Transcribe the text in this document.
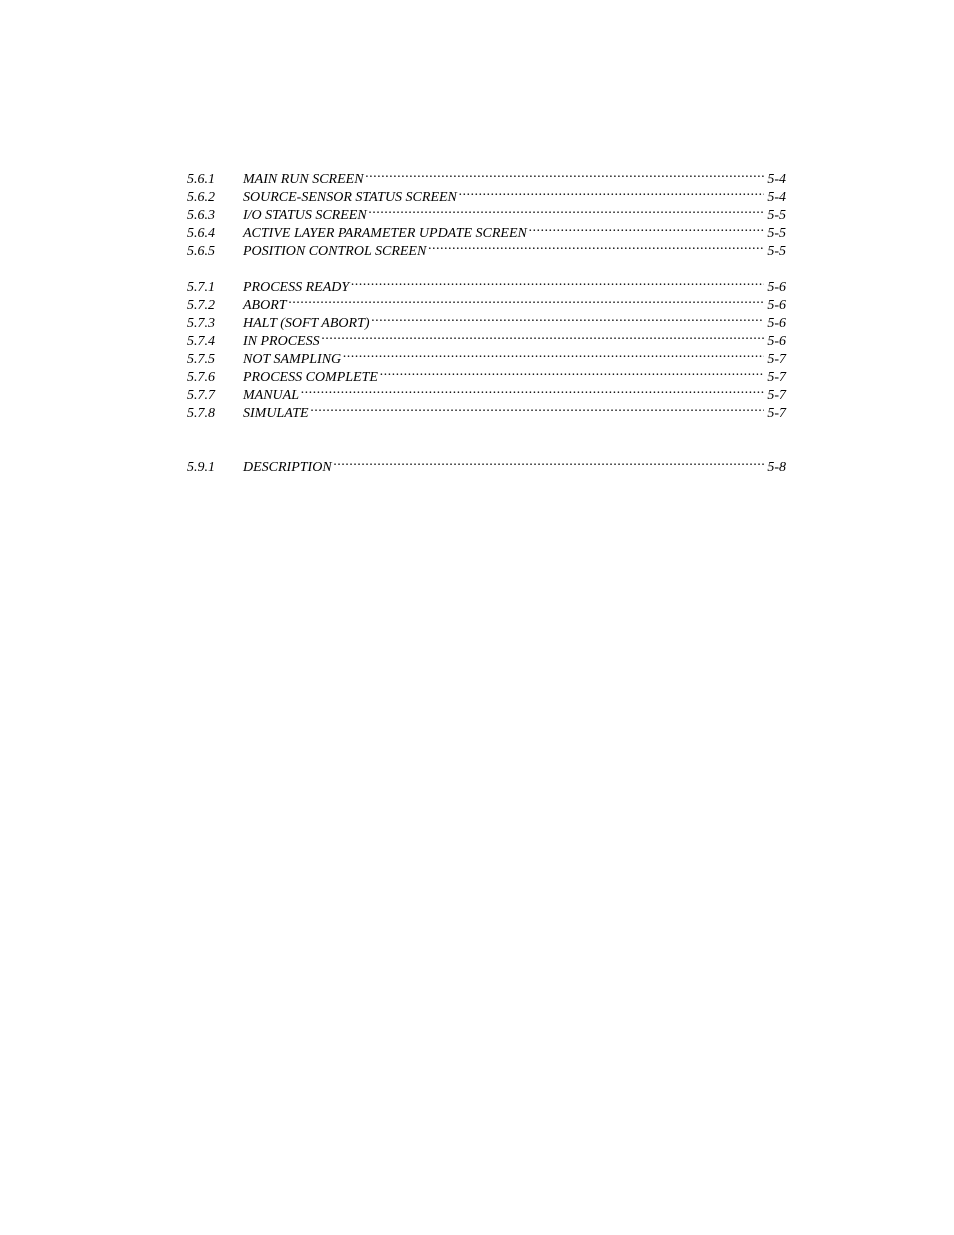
5.6.1	MAIN RUN SCREEN .....	5-4
5.6.2	SOURCE-SENSOR STATUS SCREEN .....	5-4
5.6.3	I/O STATUS SCREEN .....	5-5
5.6.4	ACTIVE LAYER PARAMETER UPDATE SCREEN .....	5-5
5.6.5	POSITION CONTROL SCREEN .....	5-5
5.7.1	PROCESS READY .....	5-6
5.7.2	ABORT .....	5-6
5.7.3	HALT (SOFT ABORT) .....	5-6
5.7.4	IN PROCESS .....	5-6
5.7.5	NOT SAMPLING .....	5-7
5.7.6	PROCESS COMPLETE .....	5-7
5.7.7	MANUAL .....	5-7
5.7.8	SIMULATE .....	5-7
5.9.1	DESCRIPTION .....	5-8
